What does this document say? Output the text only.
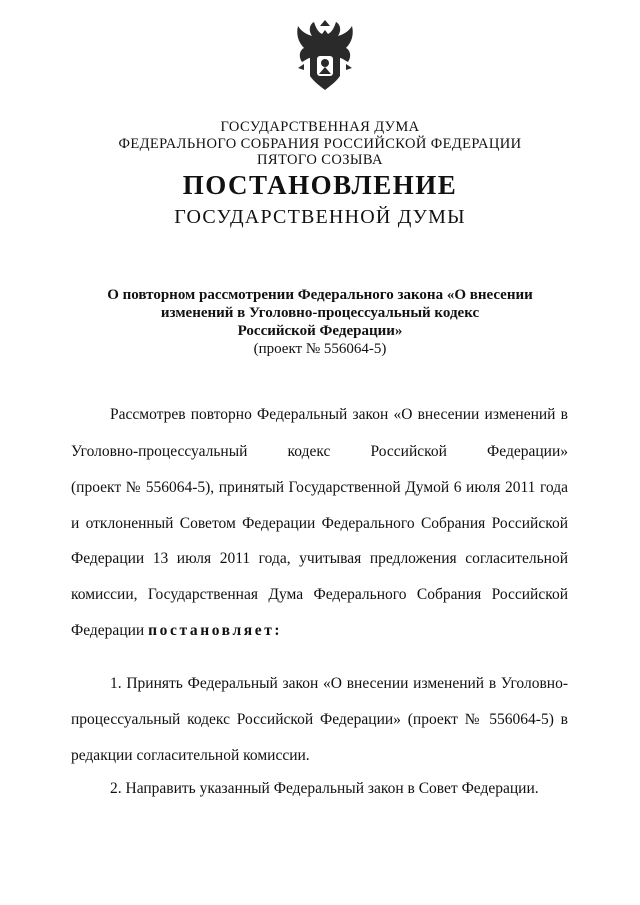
ГОСУДАРСТВЕННАЯ ДУМА
ФЕДЕРАЛЬНОГО СОБРАНИЯ РОССИЙСКОЙ ФЕДЕРАЦИИ
ПЯТОГО СОЗЫВА
ПОСТАНОВЛЕНИЕ
ГОСУДАРСТВЕННОЙ ДУМЫ
О повторном рассмотрении Федерального закона «О внесении
изменений в Уголовно-процессуальный кодекс
Российской Федерации»
(проект № 556064-5)
Рассмотрев повторно Федеральный закон «О внесении изменений в
Уголовно-процессуальный кодекс Российской Федерации»
(проект № 556064-5), принятый Государственной Думой 6 июля 2011 года
и отклоненный Советом Федерации Федерального Собрания Российской
Федерации 13 июля 2011 года, учитывая предложения согласительной
комиссии, Государственная Дума Федерального Собрания Российской
Федерации постановляет:
1. Принять Федеральный закон «О внесении изменений в Уголовно-
процессуальный кодекс Российской Федерации» (проект № 556064-5) в
редакции согласительной комиссии.
2. Направить указанный Федеральный закон в Совет Федерации.
